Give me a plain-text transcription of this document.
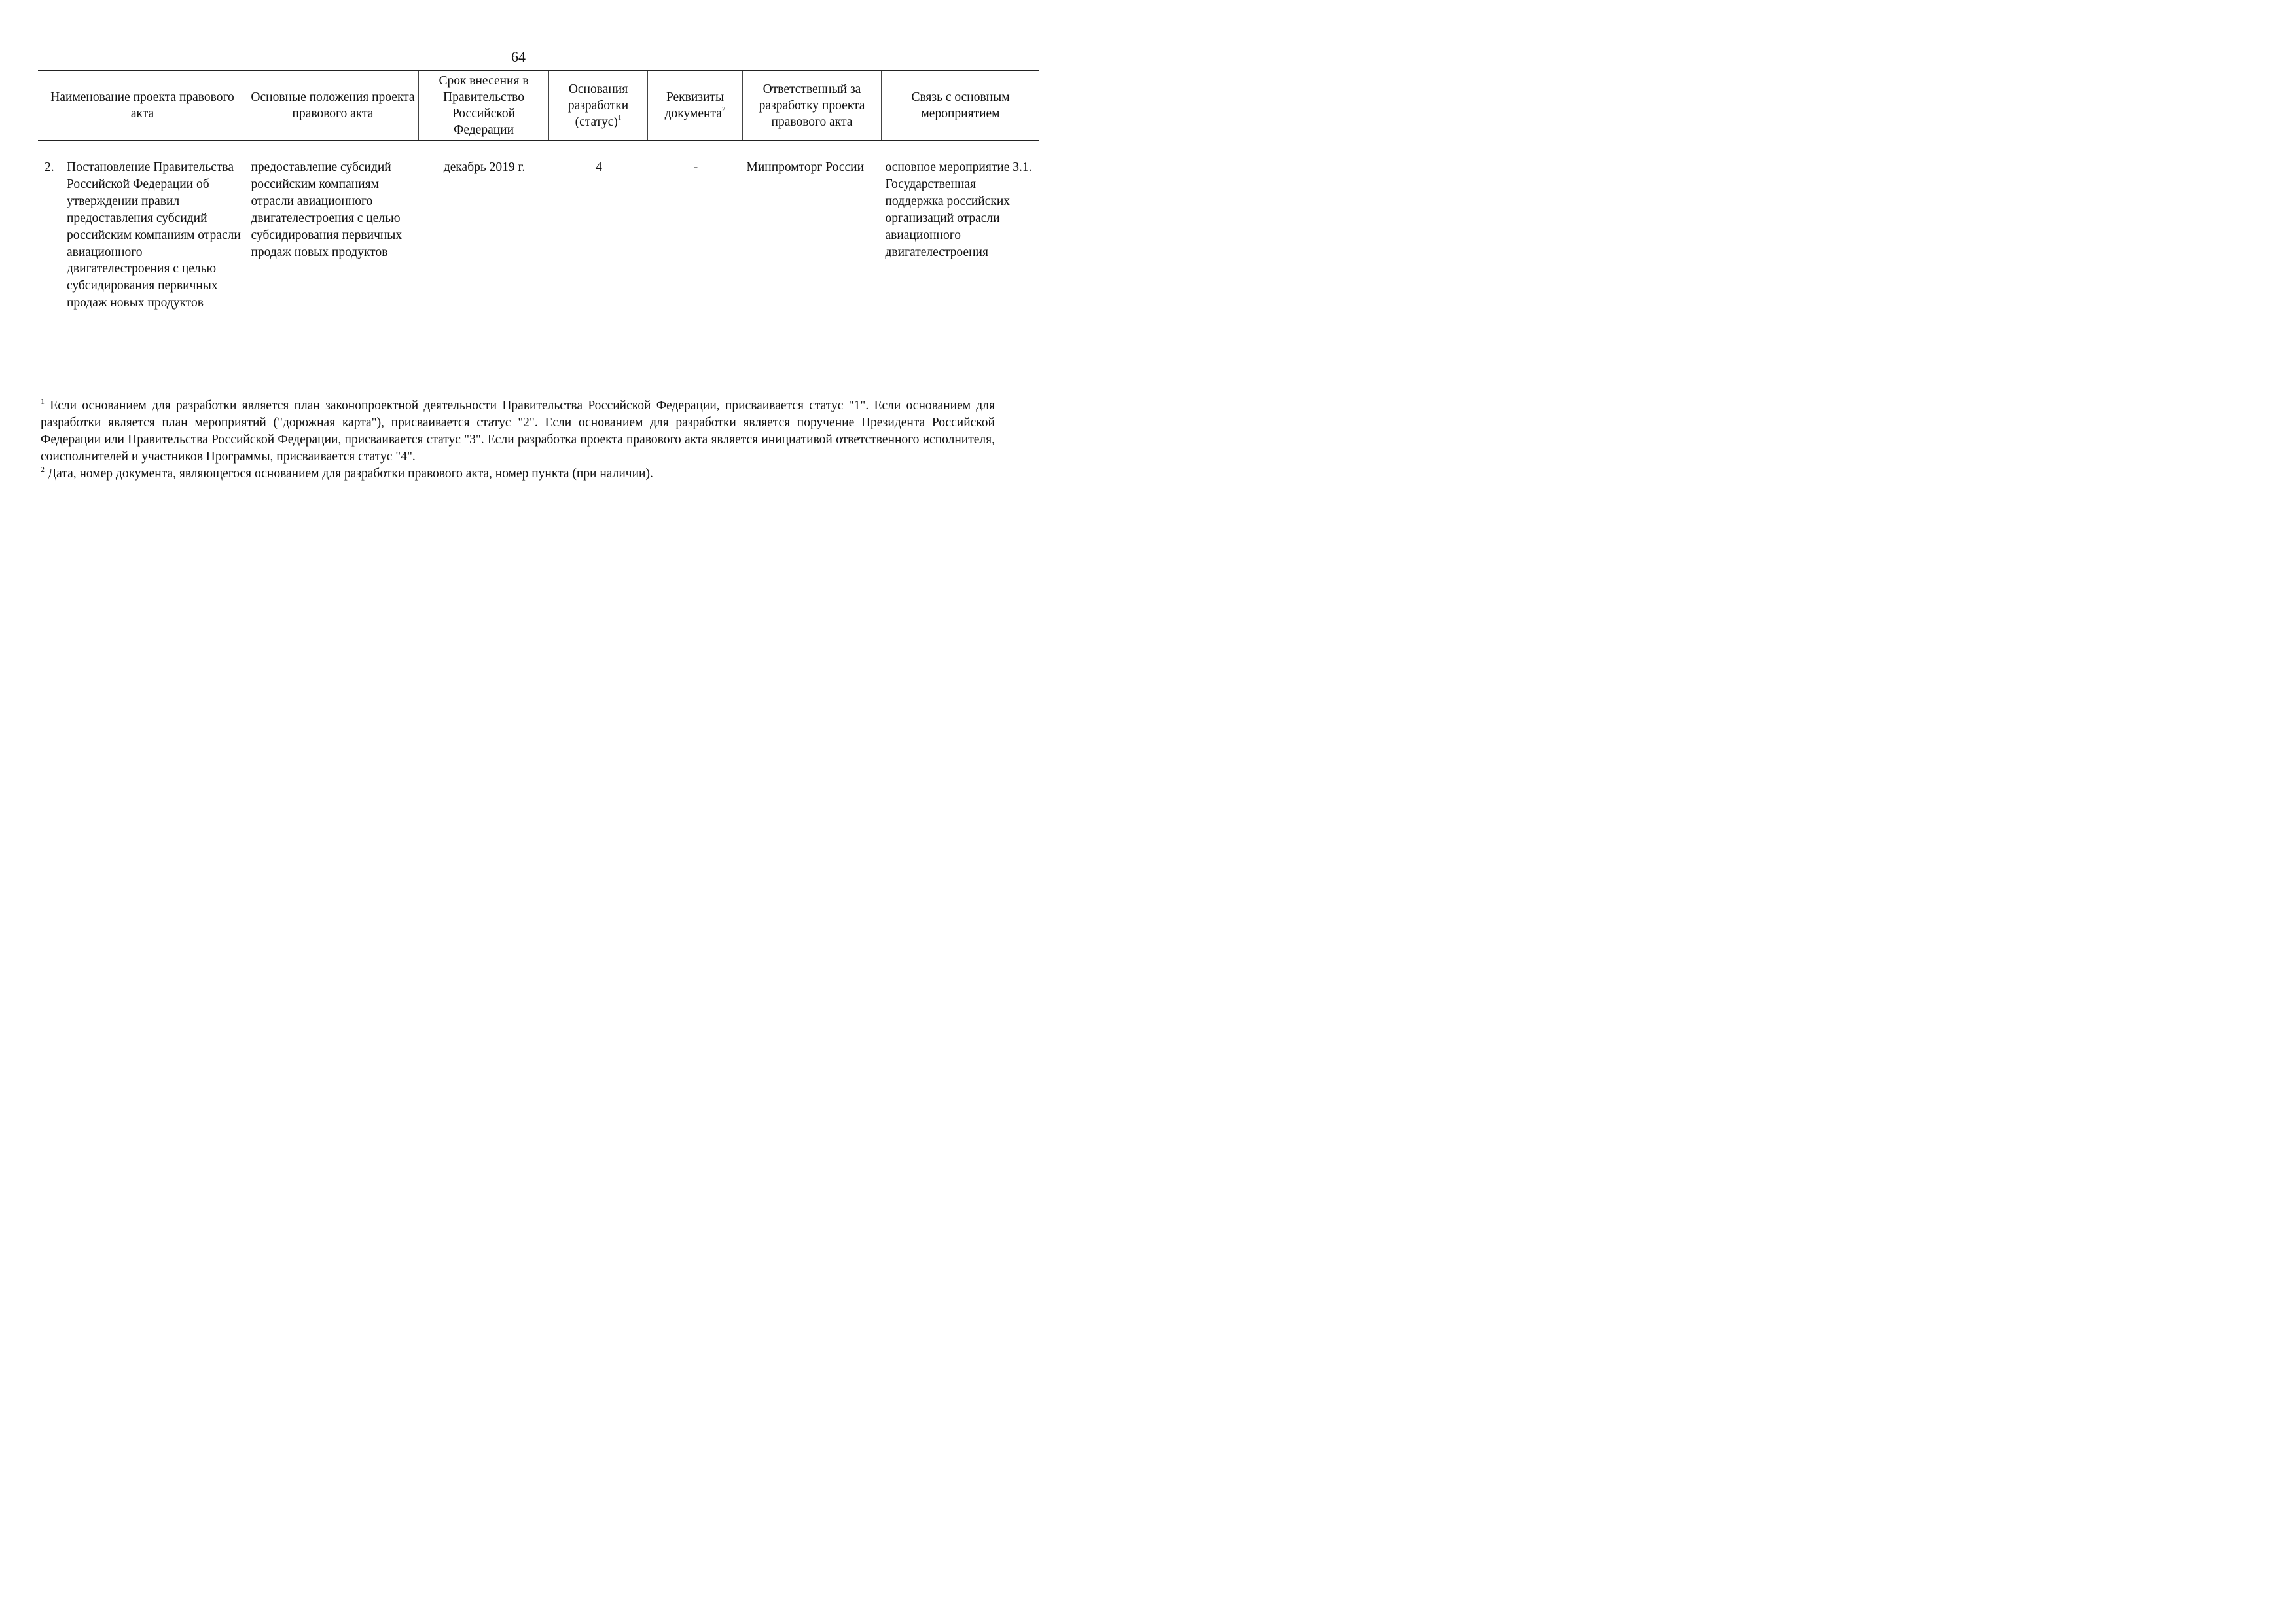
64
Наименование проекта правового акта	Основные положения проекта правового акта	Срок внесения в Правительство Российской Федерации	Основания разработки (статус)$^1$	Реквизиты документа$^2$	Ответственный за разработку проекта правового акта	Связь с основным мероприятием

2. Постановление Правительства Российской Федерации об утверждении правил предоставления субсидий российским компаниям отрасли авиационного двигателестроения с целью субсидирования первичных продаж новых продуктов	предоставление субсидий российским компаниям отрасли авиационного двигателестроения с целью субсидирования первичных продаж новых продуктов	декабрь 2019 г.	4	-	Минпромторг России	основное мероприятие 3.1. Государственная поддержка российских организаций отрасли авиационного двигателестроения

$^1$ Если основанием для разработки является план законопроектной деятельности Правительства Российской Федерации, присваивается статус "1". Если основанием для разработки является план мероприятий ("дорожная карта"), присваивается статус "2". Если основанием для разработки является поручение Президента Российской Федерации или Правительства Российской Федерации, присваивается статус "3". Если разработка проекта правового акта является инициативой ответственного исполнителя, соисполнителей и участников Программы, присваивается статус "4".

$^2$ Дата, номер документа, являющегося основанием для разработки правового акта, номер пункта (при наличии).
